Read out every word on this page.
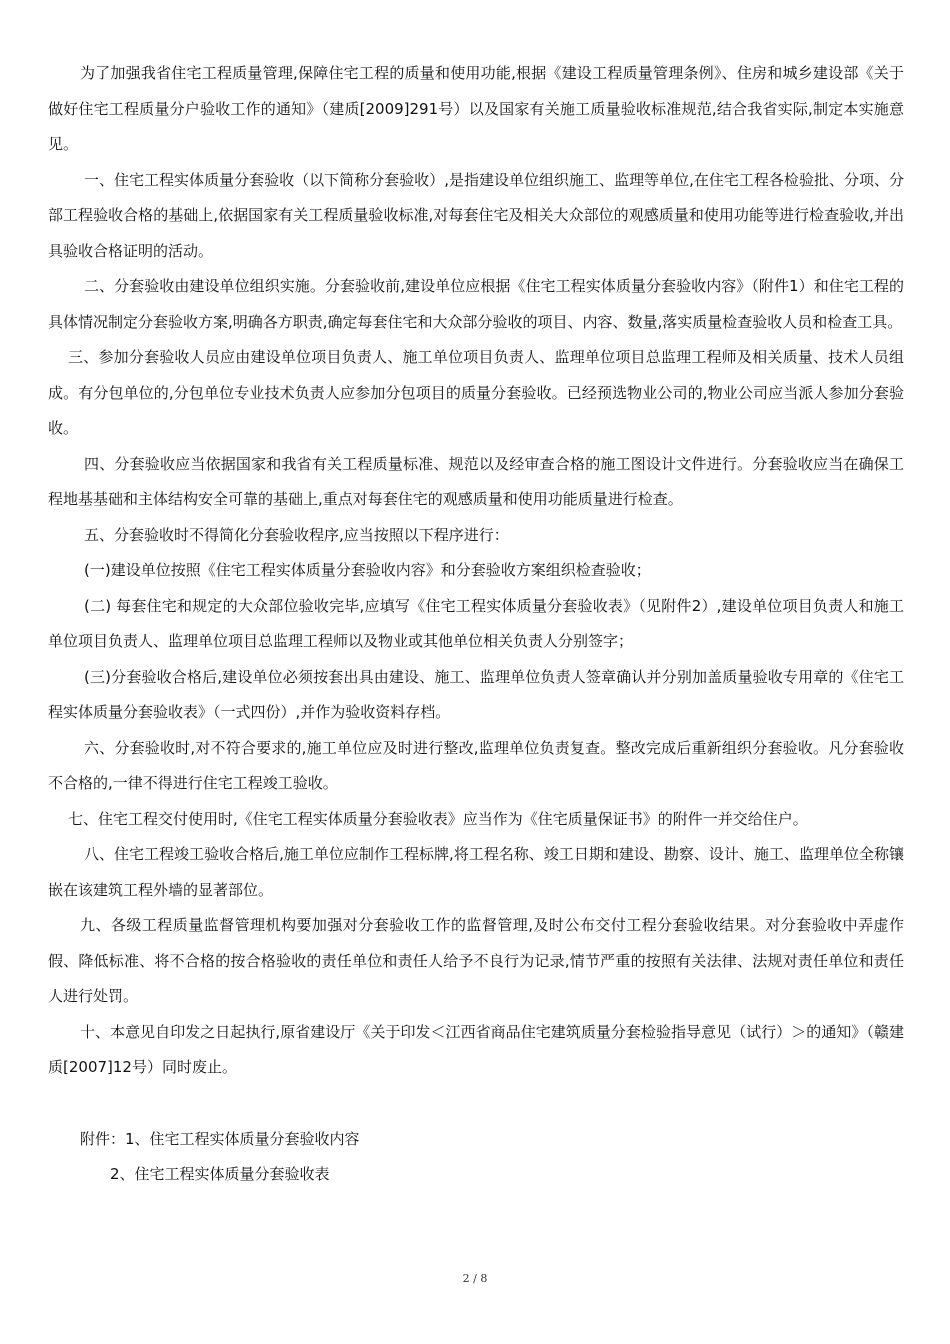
为了加强我省住宅工程质量管理,保障住宅工程的质量和使用功能,根据《建设工程质量管理条例》、住房和城乡建设部《关于做好住宅工程质量分户验收工作的通知》（建质[2009]291号）以及国家有关施工质量验收标准规范,结合我省实际,制定本实施意见。

一、住宅工程实体质量分套验收（以下简称分套验收）,是指建设单位组织施工、监理等单位,在住宅工程各检验批、分项、分部工程验收合格的基础上,依据国家有关工程质量验收标准,对每套住宅及相关大众部位的观感质量和使用功能等进行检查验收,并出具验收合格证明的活动。

二、分套验收由建设单位组织实施。分套验收前,建设单位应根据《住宅工程实体质量分套验收内容》（附件1）和住宅工程的具体情况制定分套验收方案,明确各方职责,确定每套住宅和大众部分验收的项目、内容、数量,落实质量检查验收人员和检查工具。

三、参加分套验收人员应由建设单位项目负责人、施工单位项目负责人、监理单位项目总监理工程师及相关质量、技术人员组成。有分包单位的,分包单位专业技术负责人应参加分包项目的质量分套验收。已经预选物业公司的,物业公司应当派人参加分套验收。

四、分套验收应当依据国家和我省有关工程质量标准、规范以及经审查合格的施工图设计文件进行。分套验收应当在确保工程地基基础和主体结构安全可靠的基础上,重点对每套住宅的观感质量和使用功能质量进行检查。

五、分套验收时不得简化分套验收程序,应当按照以下程序进行：

(一)建设单位按照《住宅工程实体质量分套验收内容》和分套验收方案组织检查验收；

(二) 每套住宅和规定的大众部位验收完毕,应填写《住宅工程实体质量分套验收表》（见附件2）,建设单位项目负责人和施工单位项目负责人、监理单位项目总监理工程师以及物业或其他单位相关负责人分别签字；

(三)分套验收合格后,建设单位必须按套出具由建设、施工、监理单位负责人签章确认并分别加盖质量验收专用章的《住宅工程实体质量分套验收表》（一式四份）,并作为验收资料存档。

六、分套验收时,对不符合要求的,施工单位应及时进行整改,监理单位负责复查。整改完成后重新组织分套验收。凡分套验收不合格的,一律不得进行住宅工程竣工验收。

七、住宅工程交付使用时,《住宅工程实体质量分套验收表》应当作为《住宅质量保证书》的附件一并交给住户。

八、住宅工程竣工验收合格后,施工单位应制作工程标牌,将工程名称、竣工日期和建设、勘察、设计、施工、监理单位全称镶嵌在该建筑工程外墙的显著部位。

九、各级工程质量监督管理机构要加强对分套验收工作的监督管理,及时公布交付工程分套验收结果。对分套验收中弄虚作假、降低标准、将不合格的按合格验收的责任单位和责任人给予不良行为记录,情节严重的按照有关法律、法规对责任单位和责任人进行处罚。

十、本意见自印发之日起执行,原省建设厅《关于印发＜江西省商品住宅建筑质量分套检验指导意见（试行）＞的通知》（赣建质[2007]12号）同时废止。

附件：1、住宅工程实体质量分套验收内容

2、住宅工程实体质量分套验收表

2 / 8
